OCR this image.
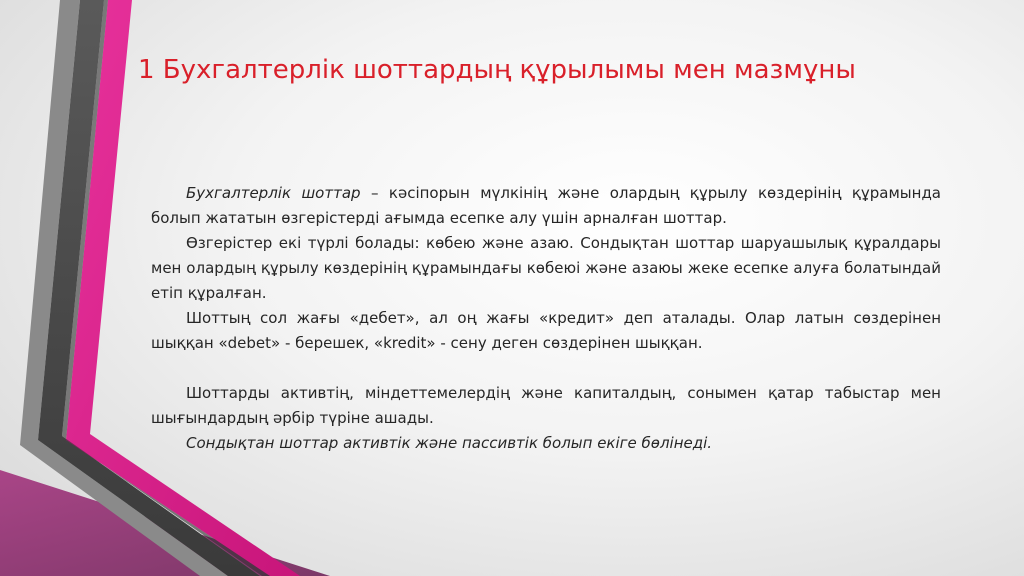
1 Бухгалтерлік шоттардың құрылымы мен мазмұны

Бухгалтерлік шоттар – кәсіпорын мүлкінің және олардың құрылу көздерінің құрамында болып жататын өзгерістерді ағымда есепке алу үшін арналған шоттар.

Өзгерістер екі түрлі болады: көбею және азаю. Сондықтан шоттар шаруашылық құралдары мен олардың құрылу көздерінің құрамындағы көбеюі және азаюы жеке есепке алуға болатындай етіп құралған.

Шоттың сол жағы «дебет», ал оң жағы «кредит» деп аталады. Олар латын сөздерінен шыққан «debet» - берешек, «kredit» - сену деген сөздерінен шыққан.

Шоттарды активтің, міндеттемелердің және капиталдың, сонымен қатар табыстар мен шығындардың әрбір түріне ашады.

Сондықтан шоттар активтік және пассивтік болып екіге бөлінеді.
